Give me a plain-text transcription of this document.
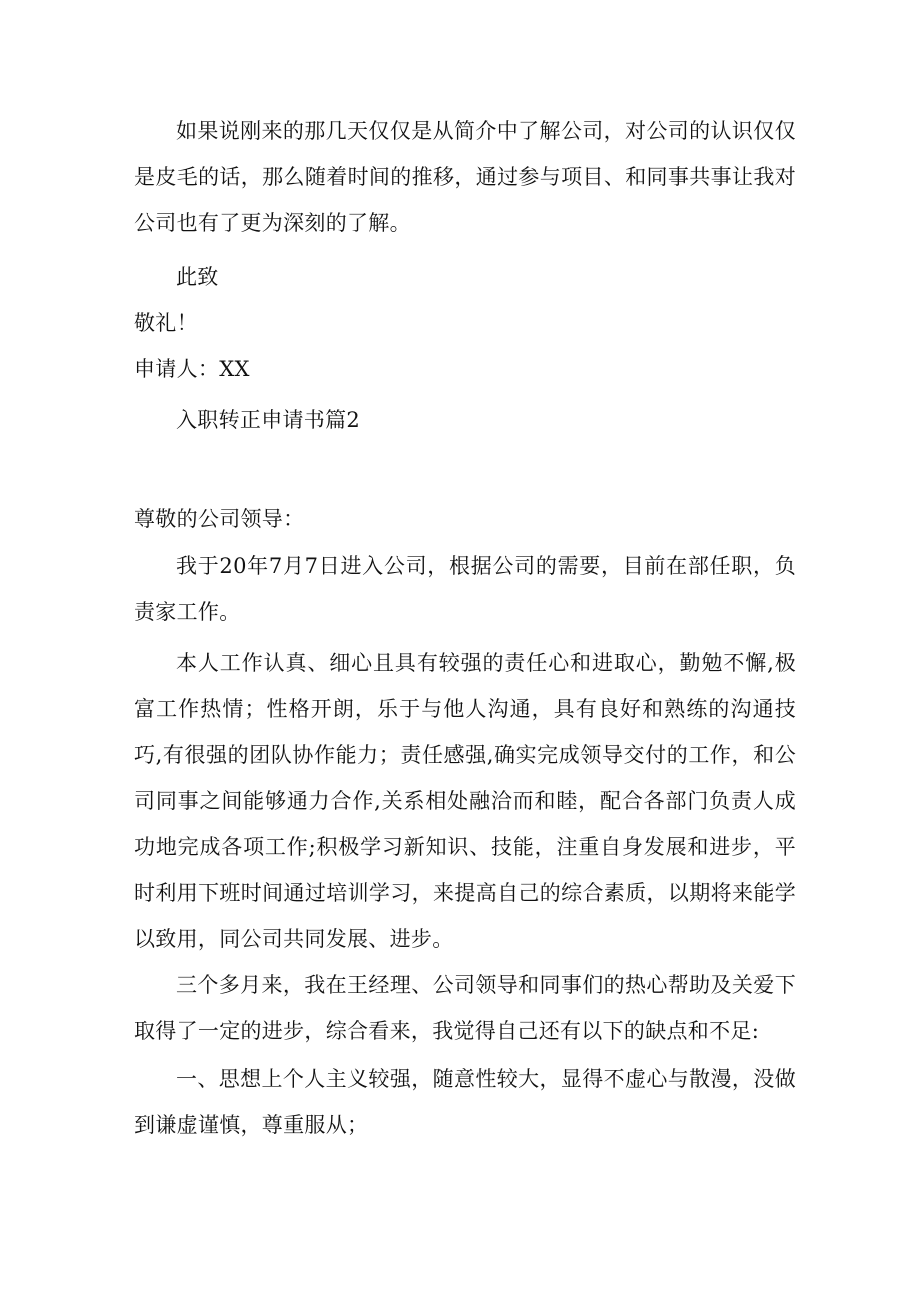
如果说刚来的那几天仅仅是从简介中了解公司，对公司的认识仅仅是皮毛的话，那么随着时间的推移，通过参与项目、和同事共事让我对公司也有了更为深刻的了解。

此致

敬礼！

申请人：XX

入职转正申请书篇2

尊敬的公司领导：

我于20年7月7日进入公司，根据公司的需要，目前在部任职，负责家工作。

本人工作认真、细心且具有较强的责任心和进取心，勤勉不懈,极富工作热情；性格开朗，乐于与他人沟通，具有良好和熟练的沟通技巧,有很强的团队协作能力；责任感强,确实完成领导交付的工作，和公司同事之间能够通力合作,关系相处融洽而和睦，配合各部门负责人成功地完成各项工作;积极学习新知识、技能，注重自身发展和进步，平时利用下班时间通过培训学习，来提高自己的综合素质，以期将来能学以致用，同公司共同发展、进步。

三个多月来，我在王经理、公司领导和同事们的热心帮助及关爱下取得了一定的进步，综合看来，我觉得自己还有以下的缺点和不足:

一、思想上个人主义较强，随意性较大，显得不虚心与散漫，没做到谦虚谨慎，尊重服从；
